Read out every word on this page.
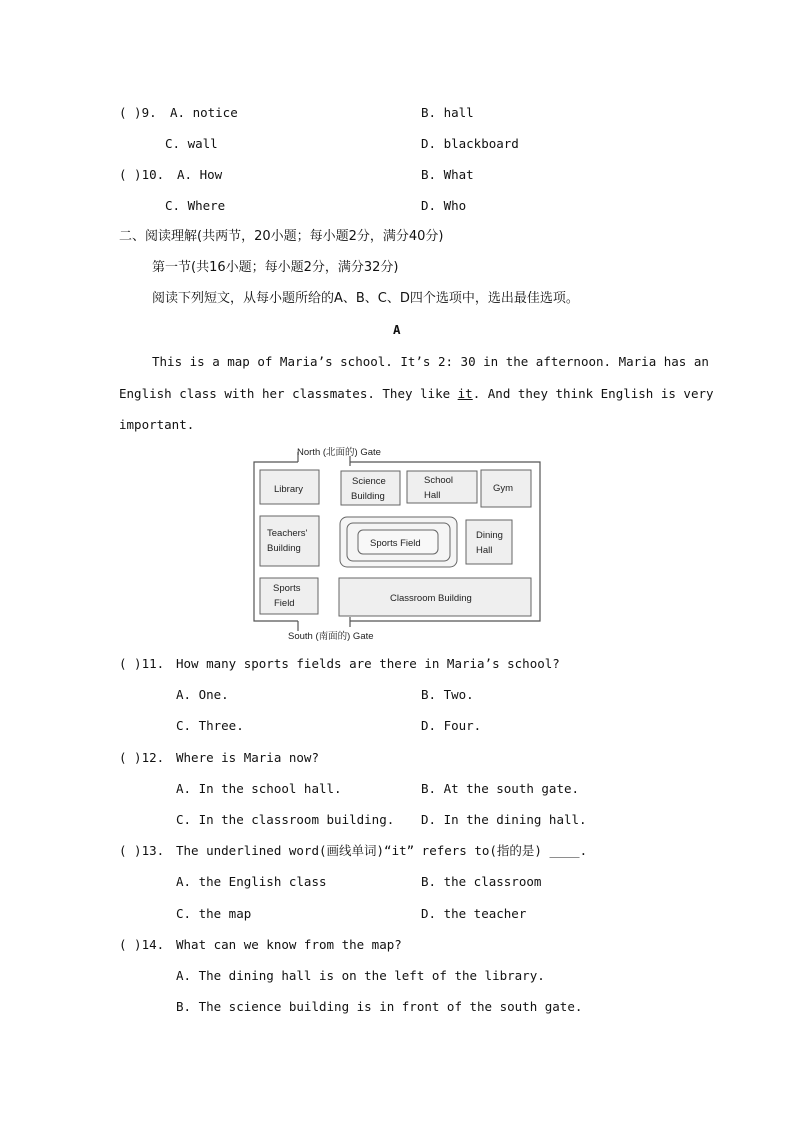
( )9. A. notice	B. hall
C. wall	D. blackboard
( )10. A. How	B. What
C. Where	D. Who
二、阅读理解(共两节，20小题；每小题2分，满分40分)
第一节(共16小题；每小题2分，满分32分)
阅读下列短文，从每小题所给的A、B、C、D四个选项中，选出最佳选项。
A
This is a map of Maria’s school. It’s 2: 30 in the afternoon. Maria has an
English class with her classmates. They like it. And they think English is very
important.
North (北面的) Gate
South (南面的) Gate
Library
Science
Building
School
Hall
Gym
Teachers'
Building	Sports Field
Dining
Hall
Sports
Field	Classroom Building
( )11. How many sports fields are there in Maria’s school?
A. One.	B. Two.
C. Three.	D. Four.
( )12. Where is Maria now?
A. In the school hall.	B. At the south gate.
C. In the classroom building. D. In the dining hall.
( )13. The underlined word(画线单词)“it” refers to(指的是) ____.
A. the English class	B. the classroom
C. the map	D. the teacher
( )14. What can we know from the map?
A. The dining hall is on the left of the library.
B. The science building is in front of the south gate.
